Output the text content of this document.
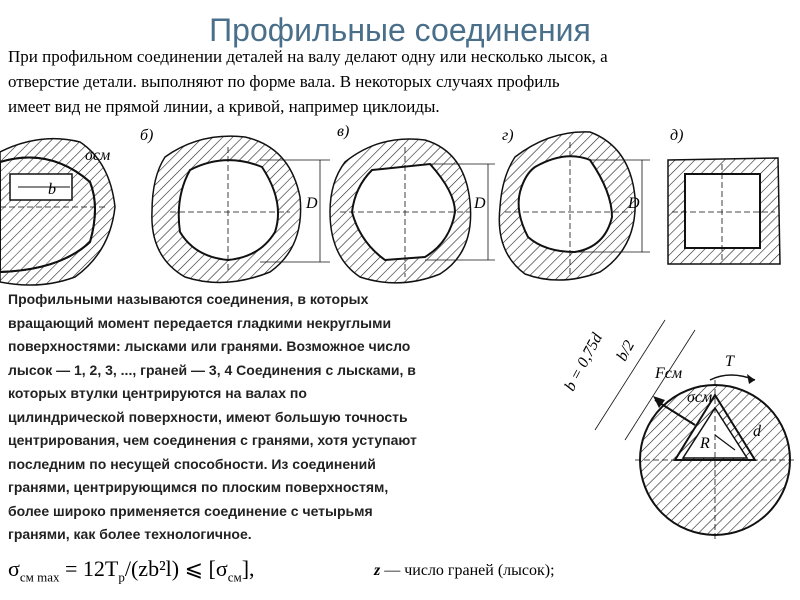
Профильные соединения
При профильном соединении деталей на валу делают одну или несколько лысок, а
отверстие детали. выполняют по форме вала. В некоторых случаях профиль
имеет вид не прямой линии, а кривой, например циклоиды.
b
σсм
б)
D
в)
D
г)
D
д)
Профильными называются соединения, в которых
вращающий момент передается гладкими некруглыми
поверхностями: лысками или гранями. Возможное число
лысок — 1, 2, 3, ..., граней — 3, 4 Соединения с лысками, в
которых втулки центрируются на валах по
цилиндрической поверхности, имеют большую точность
центрирования, чем соединения с гранями, хотя уступают
последним по несущей способности. Из соединений
гранями, центрирующимся по плоским поверхностям,
более широко применяется соединение с четырьмя
гранями, как более технологичное.
b = 0,75d b/2
Fсм
T
σсм
R
d
$\sigma_{см max} = 12T_р/(zb^2l)$ ⩽ $[\sigma_{см}]$,	z — число граней (лысок);
